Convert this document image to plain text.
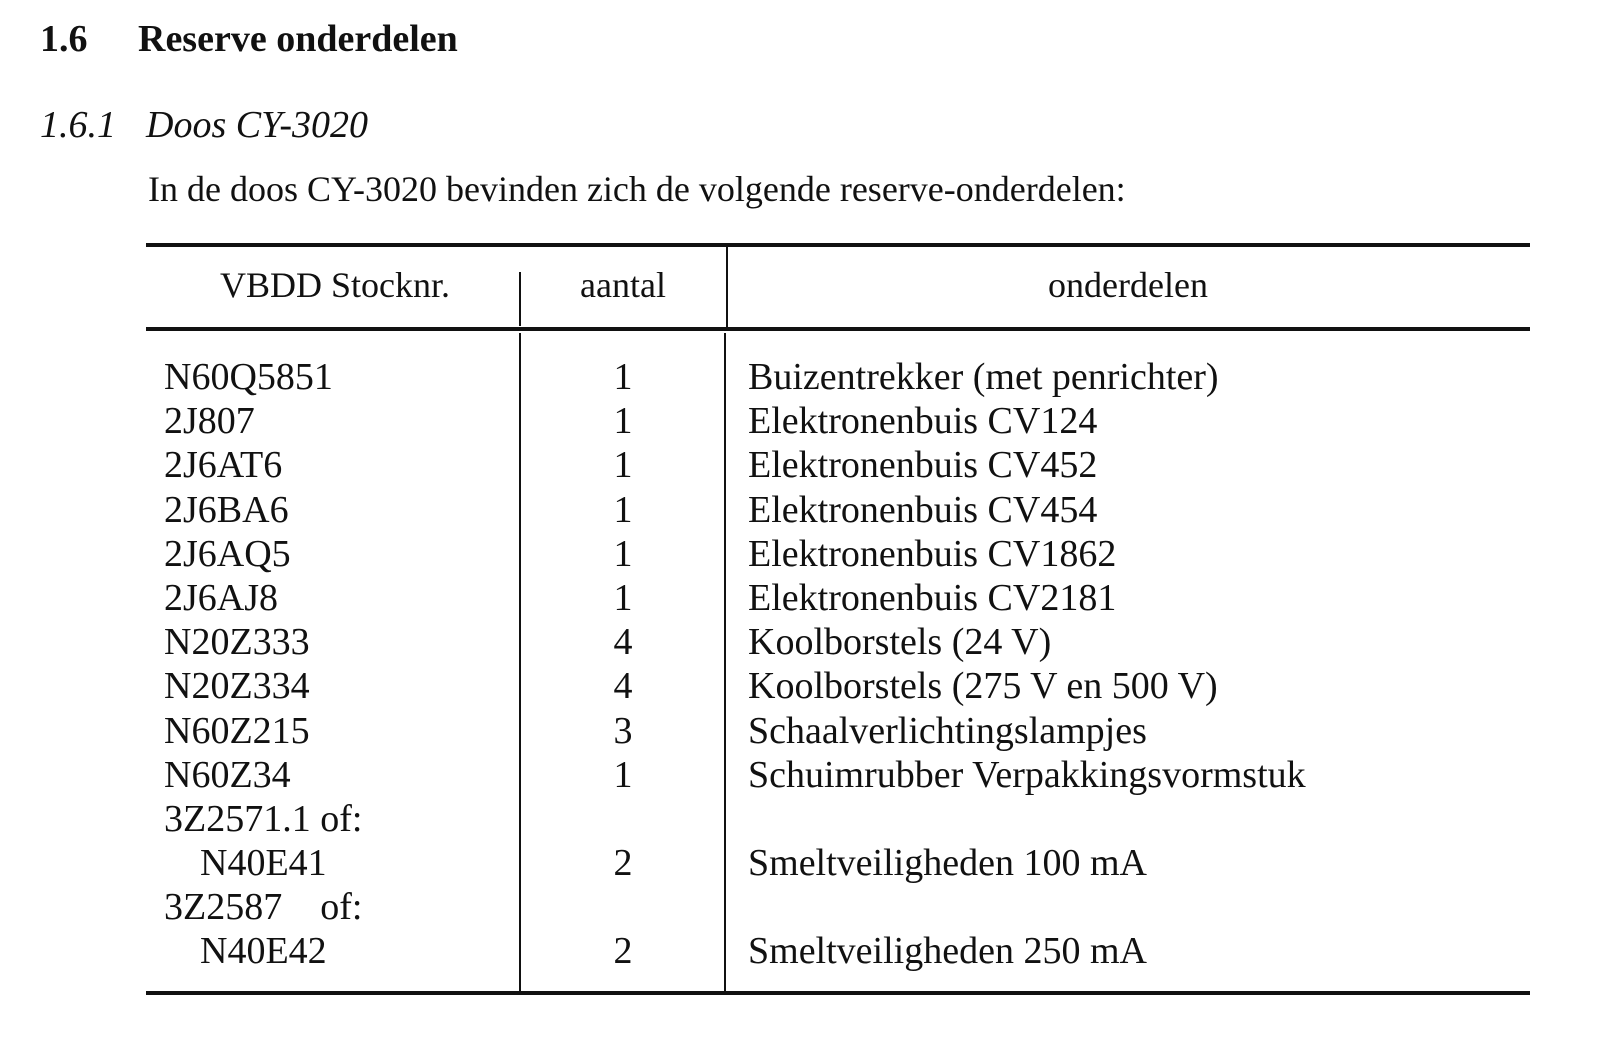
1.6 Reserve onderdelen
1.6.1 Doos CY-3020
In de doos CY-3020 bevinden zich de volgende reserve-onderdelen:
VBDD Stocknr.	aantal	onderdelen
N60Q5851	1	Buizentrekker (met penrichter)
2J807	1	Elektronenbuis CV124
2J6AT6	1	Elektronenbuis CV452
2J6BA6	1	Elektronenbuis CV454
2J6AQ5	1	Elektronenbuis CV1862
2J6AJ8	1	Elektronenbuis CV2181
N20Z333	4	Koolborstels (24 V)
N20Z334	4	Koolborstels (275 V en 500 V)
N60Z215	3	Schaalverlichtingslampjes
N60Z34	1	Schuimrubber Verpakkingsvormstuk
3Z2571.1 of:
N40E41	2	Smeltveiligheden 100 mA
3Z2587    of:
N40E42	2	Smeltveiligheden 250 mA
